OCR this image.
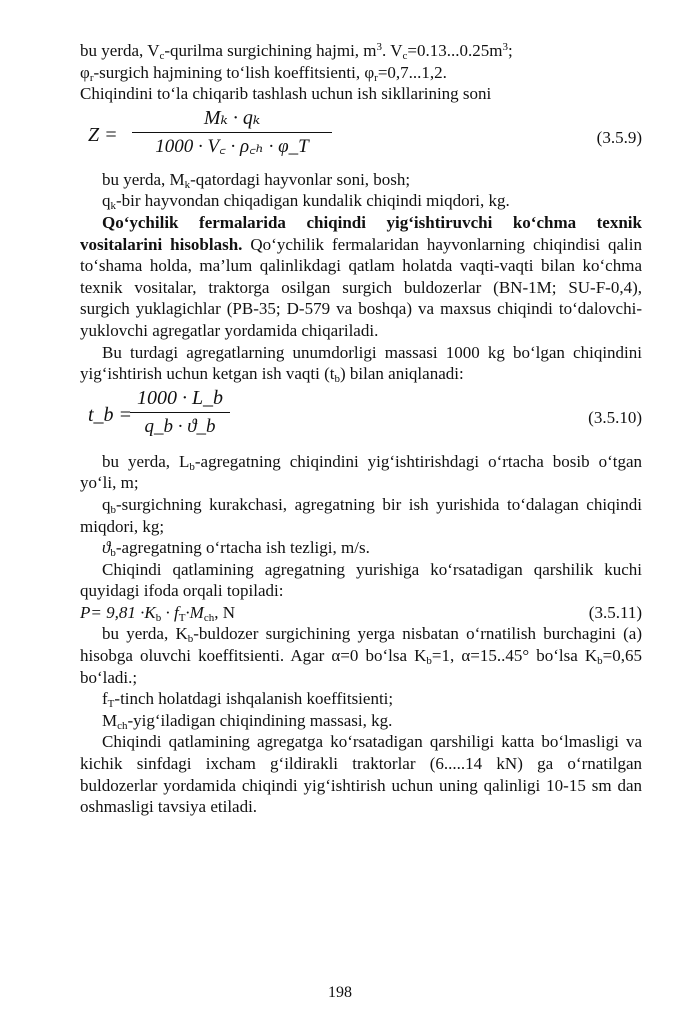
bu yerda, $V_c$-qurilma surgichining hajmi, $m^3$. $V_c=0.13...0.25m^3$;

$\varphi_r$-surgich hajmining to‘lish koeffitsienti, $\varphi_r=0,7...1,2$.

Chiqindini to‘la chiqarib tashlash uchun ish sikllarining soni

Z =
Mₖ · qₖ
1000 · V꜀ · ρ꜀ₕ · φ_T	(3.5.9)

bu yerda, $M_k$-qatordagi hayvonlar soni, bosh;

$q_k$-bir hayvondan chiqadigan kundalik chiqindi miqdori, kg.

Qo‘ychilik fermalarida chiqindi yig‘ishtiruvchi ko‘chma texnik vositalarini hisoblash. Qo‘ychilik fermalaridan hayvonlarning chiqindisi qalin to‘shama holda, ma’lum qalinlikdagi qatlam holatda vaqti-vaqti bilan ko‘chma texnik vositalar, traktorga osilgan surgich buldozerlar (BN-1M; SU-F-0,4), surgich yuklagichlar (PB-35; D-579 va boshqa) va maxsus chiqindi to‘dalovchi-yuklovchi agregatlar yordamida chiqariladi.

Bu turdagi agregatlarning unumdorligi massasi 1000 kg bo‘lgan chiqindini yig‘ishtirish uchun ketgan ish vaqti $(t_b)$ bilan aniqlanadi:

t_b =
1000 · L_b
q_b · ϑ_b	(3.5.10)

bu yerda, $L_b$-agregatning chiqindini yig‘ishtirishdagi o‘rtacha bosib o‘tgan yo‘li, m;

$q_b$-surgichning kurakchasi, agregatning bir ish yurishida to‘dalagan chiqindi miqdori, kg;

$ϑ_b$-agregatning o‘rtacha ish tezligi, m/s.

Chiqindi qatlamining agregatning yurishiga ko‘rsatadigan qarshilik kuchi quyidagi ifoda orqali topiladi:

$P= 9,81 \cdot K_b \cdot f_T\cdot M_{ch}$, N	(3.5.11)

bu yerda, $K_b$-buldozer surgichining yerga nisbatan o‘rnatilish burchagini (a) hisobga oluvchi koeffitsienti. Agar α=0 bo‘lsa $K_b=1$, α=15..45° bo‘lsa $K_b=0,65$ bo‘ladi.;

$f_T$-tinch holatdagi ishqalanish koeffitsienti;

$M_{ch}-yig‘iladigan$ chiqindining massasi, kg.

Chiqindi qatlamining agregatga ko‘rsatadigan qarshiligi katta bo‘lmasligi va kichik sinfdagi ixcham g‘ildirakli traktorlar (6.....14 kN) ga o‘rnatilgan buldozerlar yordamida chiqindi yig‘ishtirish uchun uning qalinligi 10-15 sm dan oshmasligi tavsiya etiladi.

198
